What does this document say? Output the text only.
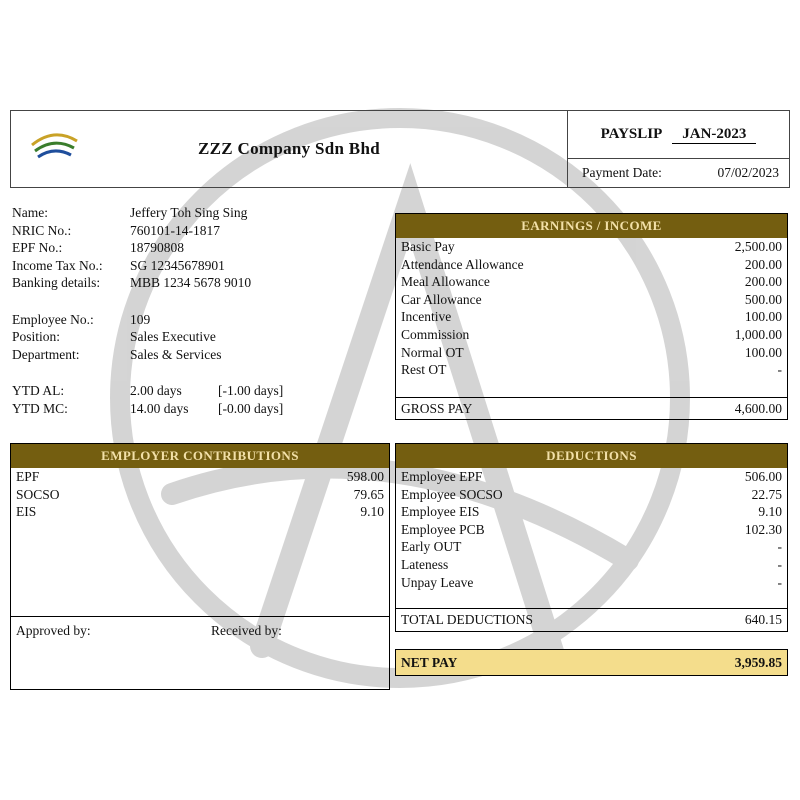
ZZZ Company Sdn Bhd
PAYSLIP	JAN-2023
Payment Date:	07/02/2023
Name:	Jeffery Toh Sing Sing
NRIC No.:	760101-14-1817
EPF No.:	18790808
Income Tax No.:	SG 12345678901
Banking details:	MBB 1234 5678 9010
Employee No.:	109
Position:	Sales Executive
Department:	Sales & Services
YTD AL:	2.00 days	[-1.00 days]
YTD MC:	14.00 days	[-0.00 days]
EARNINGS / INCOME
Basic Pay	2,500.00
Attendance Allowance	200.00
Meal Allowance	200.00
Car Allowance	500.00
Incentive	100.00
Commission	1,000.00
Normal OT	100.00
Rest OT	-
GROSS PAY	4,600.00
EMPLOYER CONTRIBUTIONS
EPF	598.00
SOCSO	79.65
EIS	9.10
DEDUCTIONS
Employee EPF	506.00
Employee SOCSO	22.75
Employee EIS	9.10
Employee PCB	102.30
Early OUT	-
Lateness	-
Unpay Leave	-
TOTAL DEDUCTIONS	640.15
Approved by:	Received by:
NET PAY	3,959.85
